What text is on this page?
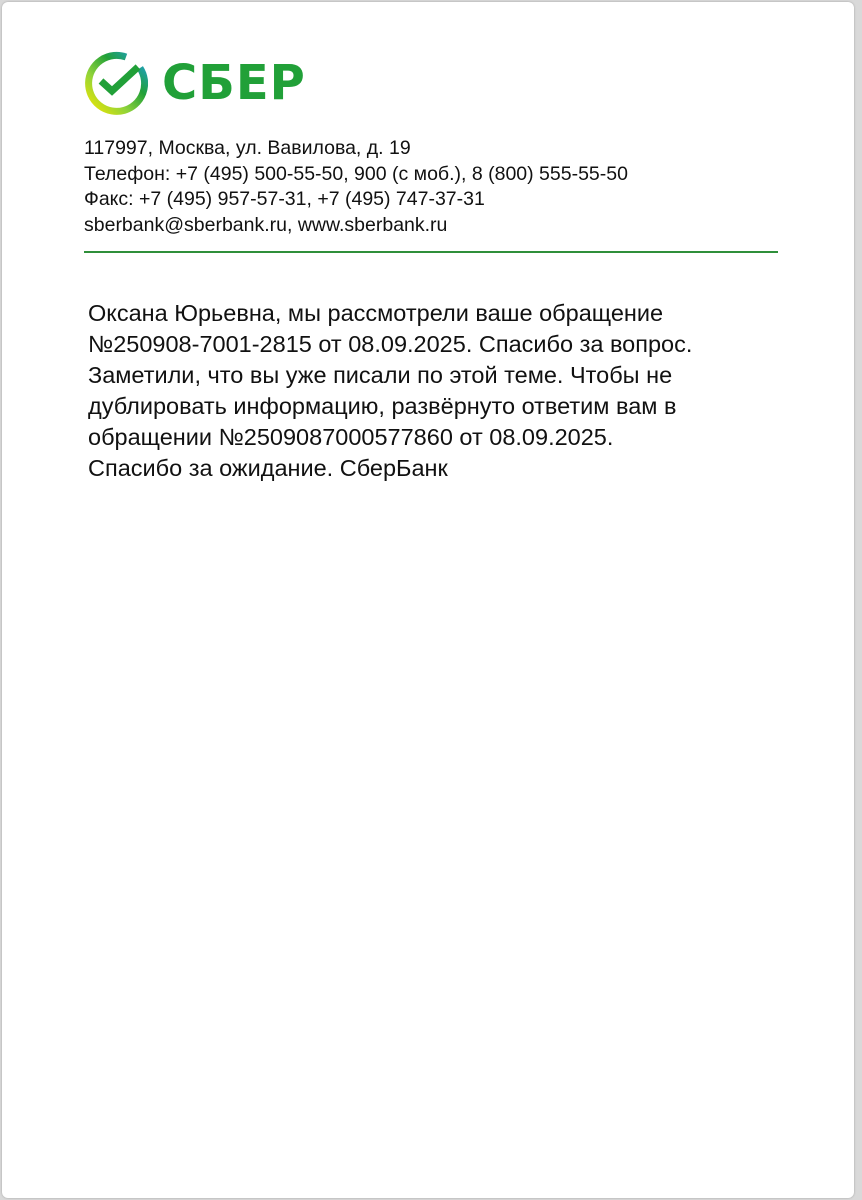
СБЕР
117997, Москва, ул. Вавилова, д. 19
Телефон: +7 (495) 500-55-50, 900 (с моб.), 8 (800) 555-55-50
Факс: +7 (495) 957-57-31, +7 (495) 747-37-31
sberbank@sberbank.ru, www.sberbank.ru
Оксана Юрьевна, мы рассмотрели ваше обращение
№250908-7001-2815 от 08.09.2025. Спасибо за вопрос.
Заметили, что вы уже писали по этой теме. Чтобы не
дублировать информацию, развёрнуто ответим вам в
обращении №2509087000577860 от 08.09.2025.
Спасибо за ожидание. СберБанк
